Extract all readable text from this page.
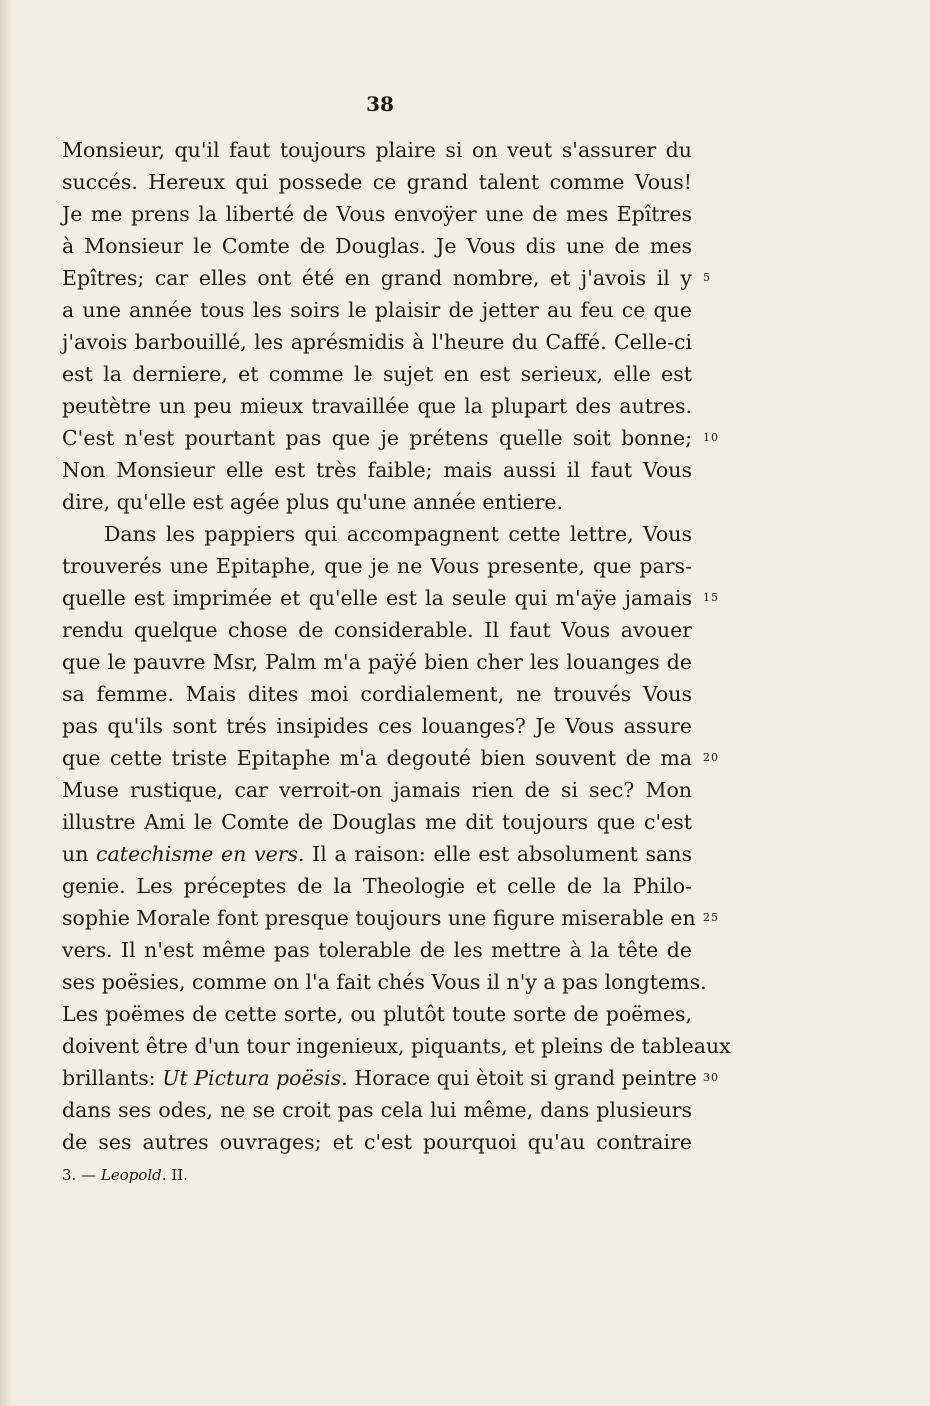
38
Monsieur, qu'il faut toujours plaire si on veut s'assurer du
succés. Hereux qui possede ce grand talent comme Vous!
Je me prens la liberté de Vous envoÿer une de mes Epîtres
à Monsieur le Comte de Douglas. Je Vous dis une de mes
Epîtres; car elles ont été en grand nombre, et j'avois il y 5
a une année tous les soirs le plaisir de jetter au feu ce que
j'avois barbouillé, les aprésmidis à l'heure du Caffé. Celle-ci
est la derniere, et comme le sujet en est serieux, elle est
peutètre un peu mieux travaillée que la plupart des autres.
C'est n'est pourtant pas que je prétens quelle soit bonne; 10
Non Monsieur elle est très faible; mais aussi il faut Vous
dire, qu'elle est agée plus qu'une année entiere.
Dans les pappiers qui accompagnent cette lettre, Vous
trouverés une Epitaphe, que je ne Vous presente, que pars-
quelle est imprimée et qu'elle est la seule qui m'aÿe jamais 15
rendu quelque chose de considerable. Il faut Vous avouer
que le pauvre Msr, Palm m'a paÿé bien cher les louanges de
sa femme. Mais dites moi cordialement, ne trouvés Vous
pas qu'ils sont trés insipides ces louanges? Je Vous assure
que cette triste Epitaphe m'a degouté bien souvent de ma 20
Muse rustique, car verroit-on jamais rien de si sec? Mon
illustre Ami le Comte de Douglas me dit toujours que c'est
un catechisme en vers. Il a raison: elle est absolument sans
genie. Les préceptes de la Theologie et celle de la Philo-
sophie Morale font presque toujours une figure miserable en 25
vers. Il n'est même pas tolerable de les mettre à la tête de
ses poësies, comme on l'a fait chés Vous il n'y a pas longtems.
Les poëmes de cette sorte, ou plutôt toute sorte de poëmes,
doivent être d'un tour ingenieux, piquants, et pleins de tableaux
brillants: Ut Pictura poësis. Horace qui ètoit si grand peintre 30
dans ses odes, ne se croit pas cela lui même, dans plusieurs
de ses autres ouvrages; et c'est pourquoi qu'au contraire
3. — Leopold. II.
